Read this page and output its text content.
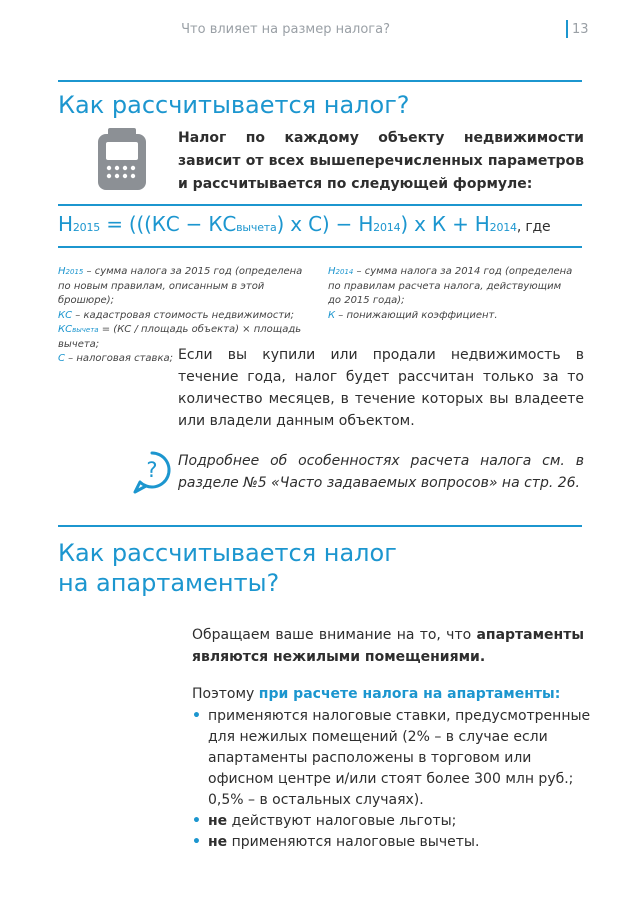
Что влияет на размер налога?	13
Как рассчитывается налог?
Налог по каждому объекту недвижимости зависит от всех вышеперечисленных параметров и рассчитывается по следующей формуле:
Н2015 = (((КС − КСвычета) х С) − Н2014) х К + Н2014, где
Н2015 – сумма налога за 2015 год (определена
по новым правилам, описанным в этой брошюре);
КС – кадастровая стоимость недвижимости;
КСвычета = (КС / площадь объекта) × площадь вычета;
С – налоговая ставка;
Н2014 – сумма налога за 2014 год (определена
по правилам расчета налога, действующим
до 2015 года);
К – понижающий коэффициент.
Если вы купили или продали недвижимость в течение года, налог будет рассчитан только за то количество месяцев, в течение которых вы владеете или владели данным объектом.
? Подробнее об особенностях расчета налога см. в разделе №5 «Часто задаваемых вопросов» на стр. 26.
Как рассчитывается налог
на апартаменты?
Обращаем ваше внимание на то, что апартаменты являются нежилыми помещениями.
Поэтому при расчете налога на апартаменты:
• применяются налоговые ставки, предусмотренные для нежилых помещений (2% – в случае если апартаменты расположены в торговом или офисном центре и/или стоят более 300 млн руб.; 0,5% – в остальных случаях).
• не действуют налоговые льготы;
• не применяются налоговые вычеты.
